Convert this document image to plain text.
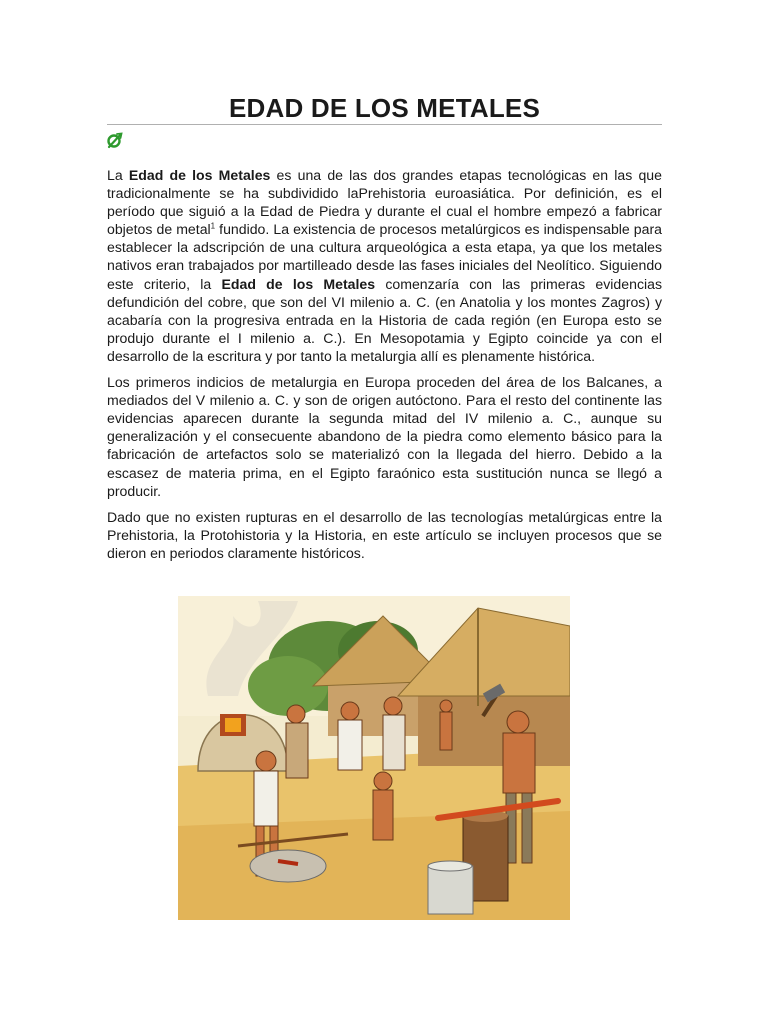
EDAD DE LOS METALES

La Edad de los Metales es una de las dos grandes etapas tecnológicas en las que tradicionalmente se ha subdividido laPrehistoria euroasiática. Por definición, es el período que siguió a la Edad de Piedra y durante el cual el hombre empezó a fabricar objetos de metal$^1$ fundido. La existencia de procesos metalúrgicos es indispensable para establecer la adscripción de una cultura arqueológica a esta etapa, ya que los metales nativos eran trabajados por martilleado desde las fases iniciales del Neolítico. Siguiendo este criterio, la Edad de los Metales comenzaría con las primeras evidencias defundición del cobre, que son del VI milenio a. C. (en Anatolia y los montes Zagros) y acabaría con la progresiva entrada en la Historia de cada región (en Europa esto se produjo durante el I milenio a. C.). En Mesopotamia y Egipto coincide ya con el desarrollo de la escritura y por tanto la metalurgia allí es plenamente histórica.

Los primeros indicios de metalurgia en Europa proceden del área de los Balcanes, a mediados del V milenio a. C. y son de origen autóctono. Para el resto del continente las evidencias aparecen durante la segunda mitad del IV milenio a. C., aunque su generalización y el consecuente abandono de la piedra como elemento básico para la fabricación de artefactos solo se materializó con la llegada del hierro. Debido a la escasez de materia prima, en el Egipto faraónico esta sustitución nunca se llegó a producir.

Dado que no existen rupturas en el desarrollo de las tecnologías metalúrgicas entre la Prehistoria, la Protohistoria y la Historia, en este artículo se incluyen procesos que se dieron en periodos claramente históricos.
